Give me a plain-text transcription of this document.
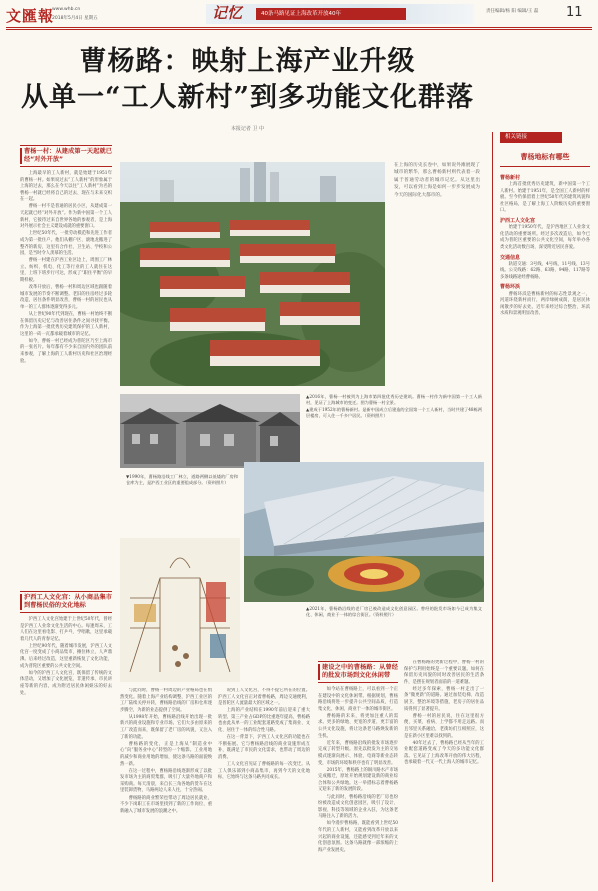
文匯報
www.whb.cn
2018年5月4日 星期五	记忆	40条马路见证上海改革开放40年	责任编辑/杨 阳 编辑/王 磊 11
曹杨路：映射上海产业升级
从单一“工人新村”到多功能文化群落
本报记者 卫 中
曹杨一村：从建成第一天起就已经“对外开放”

上海最早的工人新村，就是始建于1951年的曹杨一村。如果说过去“工人新村”的形象属于上海的过去，那么在今天以往“工人新村”为名的曹杨一村就已经将自己的过去、现在与未来交织在一起。

曹杨一村不是普通的居民小区，从建成第一天起就已经“对外开放”。作为新中国第一个工人新村，它接待过来自世界各地的参观者，是上海对外展示社会主义建设成就的重要窗口。

上世纪50年代，一批劳动模范和先进工作者成为第一批住户。他们从棚户区、滚地龙搬进了整齐的新房，这里有合作社、卫生站、学校和公园，是当时令人羡慕的生活。

曹杨一村建在沪西工业区边上，周围工厂林立。纺织、机电、化工等行业的工人就住在这里，上班下班步行可达，形成了“职住平衡”的早期样板。

改革开放后，曹杨一村和周边区域也跟随着城市发展的节奏不断调整。老旧的住房经过多轮改造，居住条件明显改善，曹杨一村的居民也从单一的工人群体逐渐变得多元。

从上世纪90年代到现在，曹杨一村始终不断在保留历史记忆与改善居住条件之间寻找平衡。作为上海第一批优秀历史建筑保护的工人新村，这里的一砖一瓦都承载着城市的记忆。

如今，曹杨一村已经成为普陀区乃至上海市的一张名片。每年都有不少来自国内外的团队前来参观，了解上海的工人新村历史和社区治理经验。

在上海的历史长卷中，如果说外滩展现了城市的繁华，那么曹杨新村则代表着一段属于普通劳动者的城市记忆。从这里出发，可以看到上海是如何一步步发展成为今天的国际化大都市的。
▲2016年，曹杨一村被列为上海市第四批优秀历史建筑。曹杨一村作为新中国第一个工人新村，见证了上海城市的变迁。图为曹杨一村全景。
▲建成于1952年的曹杨新村。是新中国成立后建造的全国第一个工人新村，当时共建了48栋两层楼房，可入住一千多户居民。（资料照片）
▼1990年，曹杨路沿线工厂林立，道路两侧以低矮的厂房和仓库为主，是沪西工业区的重要组成部分。（资料照片）
▲2021年，曹杨路沿线的老厂房已被改造成文化创意园区。曾经的批发市场如今已成为集文化、休闲、商业于一体的综合街区。（资料照片）
沪西工人文化宫：从小商品集市到曹杨民俗的文化地标

沪西工人文化宫始建于上世纪50年代，曾经是沪西工人业余文化生活的中心。每逢周末，工人们在这里看电影、打乒乓、学唱歌，这里承载着几代人的青春记忆。

上世纪90年代，随着城市发展，沪西工人文化宫一度变成了小商品集市，摊位林立，人声鼎沸。后来经过改造，这里重新恢复了文化功能，成为普陀区重要的公共文化空间。

如今的沪西工人文化宫，既保留了传统的文体活动，又增加了文化展览、非遗传承、市民讲座等新的内容，成为附近居民休闲娱乐的好去处。

与此同时，曹杨一村周边的产业格局也在悄然变化。随着上海产业结构调整，沪西工业区的工厂陆续关停并转，曹杨路沿线的厂房和仓库逐步腾空，为新的业态提供了空间。

从1998年开始，曹杨路沿线开始出现一批新兴的商业设施和专业市场。它们大多由原来的工厂改造而来，既保留了老厂房的风貌，又注入了新的功能。

曹杨路的变化，正是上海从“制造业中心”向“服务业中心”转型的一个缩影。工业用地的减少和商业用地的增加，使这条马路的面貌焕然一新。

在这一过程中，曹杨路沿线逐渐形成了以批发市场为主的商贸集群，吸引了大量外地商户和采购商。每天清晨，来自长三角各地的货车在这里装卸货物，马路两边人来人往，十分热闹。

曹杨路的商业繁荣也带动了周边居民就业，不少下岗职工在市场里找到了新的工作岗位，重新融入了城市发展的浪潮之中。

说到工人文化宫，不得不提它所在的位置。沪西工人文化宫正对着曹杨路，周边交通便利，是普陀区人流量最大的区域之一。

上海的产业结构在1990年前后迎来了重大转型。第三产业占GDP的比重逐年提高，曹杨路也由此从单一的工业配套道路变成了集商业、文化、居住于一体的综合性马路。

在这一背景下，沪西工人文化宫的功能也在不断拓展。它与曹杨路沿线的商业设施形成互补，既满足了市民的文化需求，也带动了周边的消费。

工人文化宫见证了曹杨路的每一次变迁。从工人俱乐部到小商品集市，再到今天的文化地标，它始终与这条马路共同成长。

建设之中的曹杨路：从曾经的批发市场到文化休闲带

如今站在曹杨路上，可以看到一个正在建设中的文化休闲带。根据规划，曹杨路沿线将进一步提升公共空间品质，打造集文化、休闲、商业于一体的城市街区。

曹杨路的未来，将更加注重人的需求。更多的绿地、更宽的步道、更丰富的公共文化设施，将让这条老马路焕发新的生机。

近年来，曹杨路沿线的批发市场逐步完成了转型升级。原先以批发为主的交易模式逐渐向展示、体验、电商等新业态转变，市场的环境和秩序也有了明显改善。

2015年，曹杨路上的铜川路水产市场完成搬迁，原址开始规划建设新的商业综合体和公共绿地。这一举措标志着曹杨路又迎来了新的发展阶段。

与此同时，曹杨路沿线的老厂房也纷纷被改造成文化创意园区，吸引了设计、影视、科技等领域的企业入驻，为这条老马路注入了新的活力。

如今漫步曹杨路，既能看到上世纪50年代的工人新村，又能看到改革开放以来兴起的商业设施，还能感受到近年来的文化创意氛围。这条马路就像一部浓缩的上海产业发展史。

在曹杨路的更新过程中，曹杨一村的保护与利用始终是一个重要议题。如何在保留历史风貌的同时改善居民的生活条件，是摆在规划者面前的一道难题。

经过多年探索，曹杨一村走出了一条“微更新”的道路。通过加装电梯、改造厨卫、整治环境等措施，老房子的居住品质得到了显著提升。

曹杨一村的居民说，住在这里很方便，买菜、看病、上学都不用走远路。而且邻里关系融洽，老街坊们互相照应，这是在新小区里难以找到的。

40年过去了，曹杨路已经从当年的工业配套道路变成了今天的多功能文化群落。它见证了上海改革开放的伟大历程，也承载着一代又一代上海人的城市记忆。

相关链接
曹杨地标有哪些

曹杨新村

上海首批优秀历史建筑，新中国第一个工人新村。始建于1951年，是全国工人新村的样板。至今仍保留着上世纪50年代的建筑风貌和社区格局，是了解上海工人阶级历史的重要窗口。

沪西工人文化宫

始建于1950年代，是沪西地区工人业余文化活动的重要场所。经过多次改造后，如今已成为普陀区重要的公共文化空间，每年举办各类文化活动数百场，深受附近居民喜爱。

交通信息

轨道交通：3号线、4号线、11号线、13号线。公交线路：62路、63路、94路、117路等多条线路途经曹杨路。

曹杨环浜

曹杨环浜是曹杨新村的标志性景观之一，河道环绕新村而行，两岸绿树成荫，是居民休闲散步的好去处。近年来经过综合整治，环浜水质和景观明显改善。
